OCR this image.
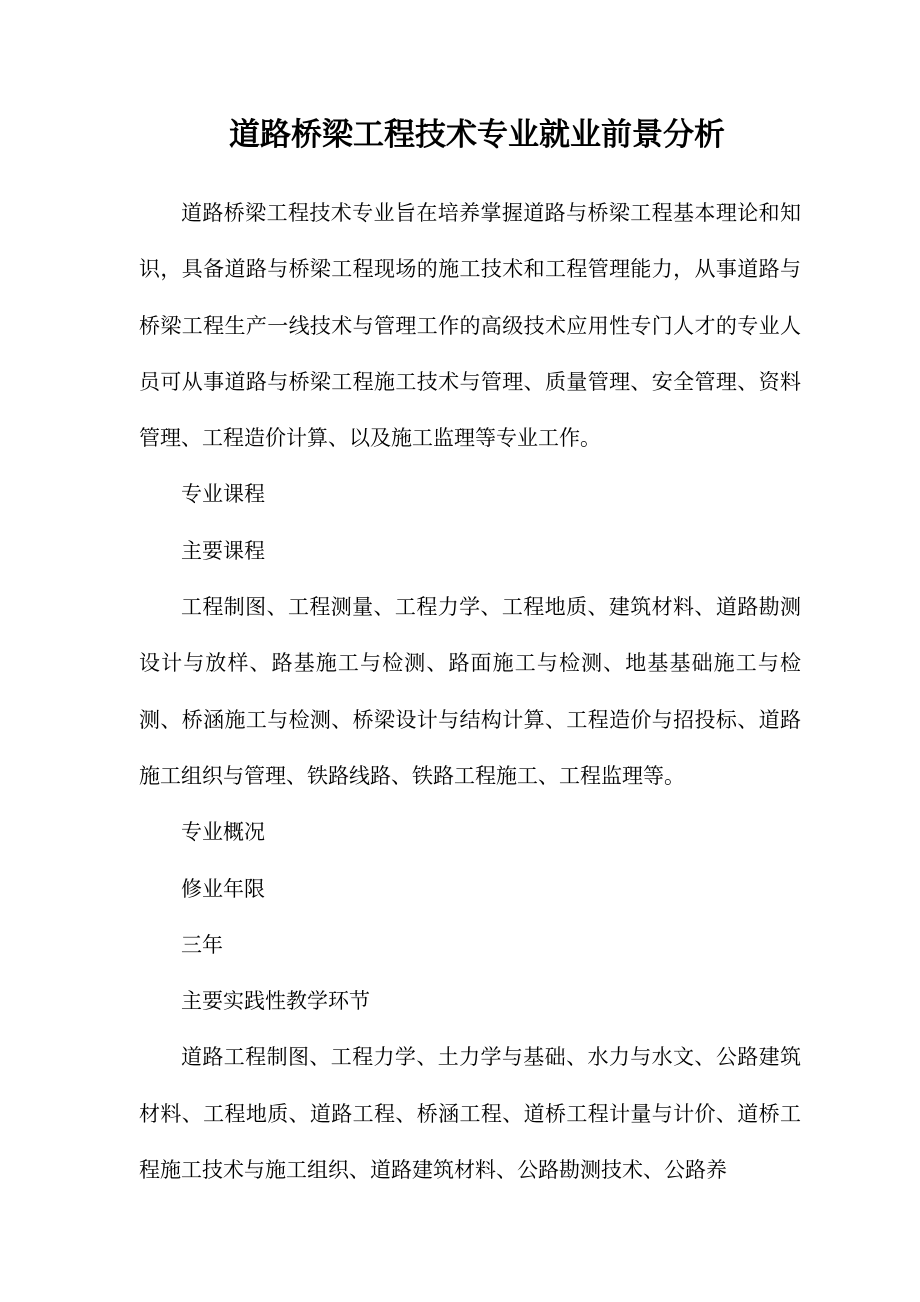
道路桥梁工程技术专业就业前景分析

道路桥梁工程技术专业旨在培养掌握道路与桥梁工程基本理论和知识，具备道路与桥梁工程现场的施工技术和工程管理能力，从事道路与桥梁工程生产一线技术与管理工作的高级技术应用性专门人才的专业人员可从事道路与桥梁工程施工技术与管理、质量管理、安全管理、资料管理、工程造价计算、以及施工监理等专业工作。

专业课程

主要课程

工程制图、工程测量、工程力学、工程地质、建筑材料、道路勘测设计与放样、路基施工与检测、路面施工与检测、地基基础施工与检测、桥涵施工与检测、桥梁设计与结构计算、工程造价与招投标、道路施工组织与管理、铁路线路、铁路工程施工、工程监理等。

专业概况

修业年限

三年

主要实践性教学环节

道路工程制图、工程力学、土力学与基础、水力与水文、公路建筑材料、工程地质、道路工程、桥涵工程、道桥工程计量与计价、道桥工程施工技术与施工组织、道路建筑材料、公路勘测技术、公路养
